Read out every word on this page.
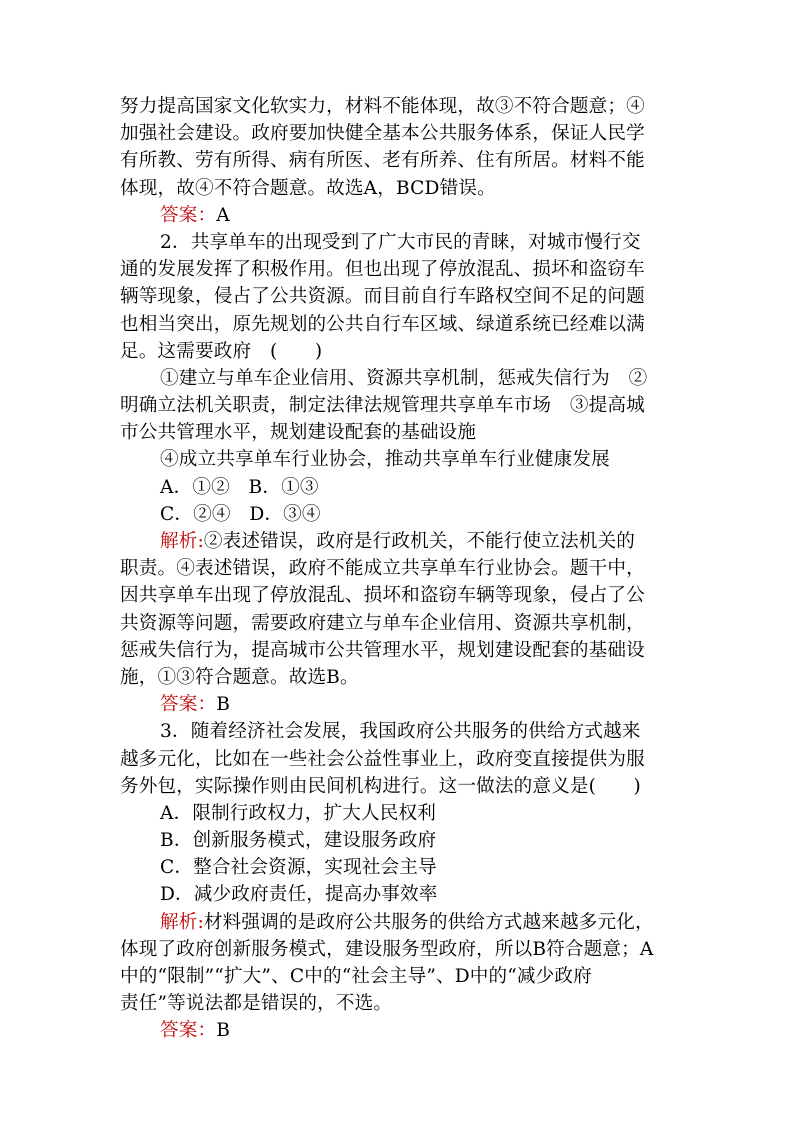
努力提高国家文化软实力，材料不能体现，故③不符合题意；④
加强社会建设。政府要加快健全基本公共服务体系，保证人民学
有所教、劳有所得、病有所医、老有所养、住有所居。材料不能
体现，故④不符合题意。故选A，BCD错误。
答案：A
2．共享单车的出现受到了广大市民的青睐，对城市慢行交
通的发展发挥了积极作用。但也出现了停放混乱、损坏和盗窃车
辆等现象，侵占了公共资源。而目前自行车路权空间不足的问题
也相当突出，原先规划的公共自行车区域、绿道系统已经难以满
足。这需要政府　(　　)
①建立与单车企业信用、资源共享机制，惩戒失信行为　②
明确立法机关职责，制定法律法规管理共享单车市场　③提高城
市公共管理水平，规划建设配套的基础设施
④成立共享单车行业协会，推动共享单车行业健康发展
A．①②　B．①③
C．②④　D．③④
解析:②表述错误，政府是行政机关，不能行使立法机关的
职责。④表述错误，政府不能成立共享单车行业协会。题干中，
因共享单车出现了停放混乱、损坏和盗窃车辆等现象，侵占了公
共资源等问题，需要政府建立与单车企业信用、资源共享机制，
惩戒失信行为，提高城市公共管理水平，规划建设配套的基础设
施，①③符合题意。故选B。
答案：B
3．随着经济社会发展，我国政府公共服务的供给方式越来
越多元化，比如在一些社会公益性事业上，政府变直接提供为服
务外包，实际操作则由民间机构进行。这一做法的意义是(　　)
A．限制行政权力，扩大人民权利
B．创新服务模式，建设服务政府
C．整合社会资源，实现社会主导
D．减少政府责任，提高办事效率
解析:材料强调的是政府公共服务的供给方式越来越多元化，
体现了政府创新服务模式，建设服务型政府，所以B符合题意；A
中的“限制”“扩大”、C中的“社会主导”、D中的“减少政府
责任”等说法都是错误的，不选。
答案：B
